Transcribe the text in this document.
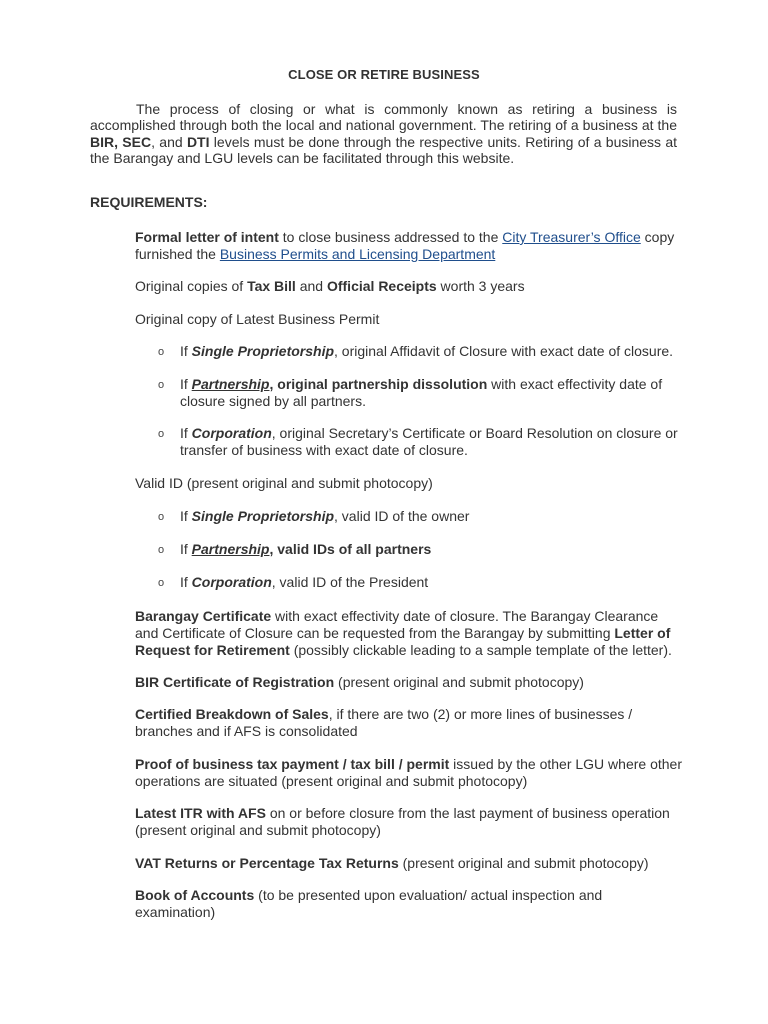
CLOSE OR RETIRE BUSINESS

The process of closing or what is commonly known as retiring a business is accomplished through both the local and national government. The retiring of a business at the BIR, SEC, and DTI levels must be done through the respective units. Retiring of a business at the Barangay and LGU levels can be facilitated through this website.

REQUIREMENTS:

Formal letter of intent to close business addressed to the City Treasurer’s Office copy furnished the Business Permits and Licensing Department

Original copies of Tax Bill and Official Receipts worth 3 years

Original copy of Latest Business Permit

o If Single Proprietorship, original Affidavit of Closure with exact date of closure.

o If Partnership, original partnership dissolution with exact effectivity date of closure signed by all partners.

o If Corporation, original Secretary’s Certificate or Board Resolution on closure or transfer of business with exact date of closure.

Valid ID (present original and submit photocopy)

o If Single Proprietorship, valid ID of the owner

o If Partnership, valid IDs of all partners

o If Corporation, valid ID of the President

Barangay Certificate with exact effectivity date of closure. The Barangay Clearance and Certificate of Closure can be requested from the Barangay by submitting Letter of Request for Retirement (possibly clickable leading to a sample template of the letter).

BIR Certificate of Registration (present original and submit photocopy)

Certified Breakdown of Sales, if there are two (2) or more lines of businesses / branches and if AFS is consolidated

Proof of business tax payment / tax bill / permit issued by the other LGU where other operations are situated (present original and submit photocopy)

Latest ITR with AFS on or before closure from the last payment of business operation (present original and submit photocopy)

VAT Returns or Percentage Tax Returns (present original and submit photocopy)

Book of Accounts (to be presented upon evaluation/ actual inspection and examination)
